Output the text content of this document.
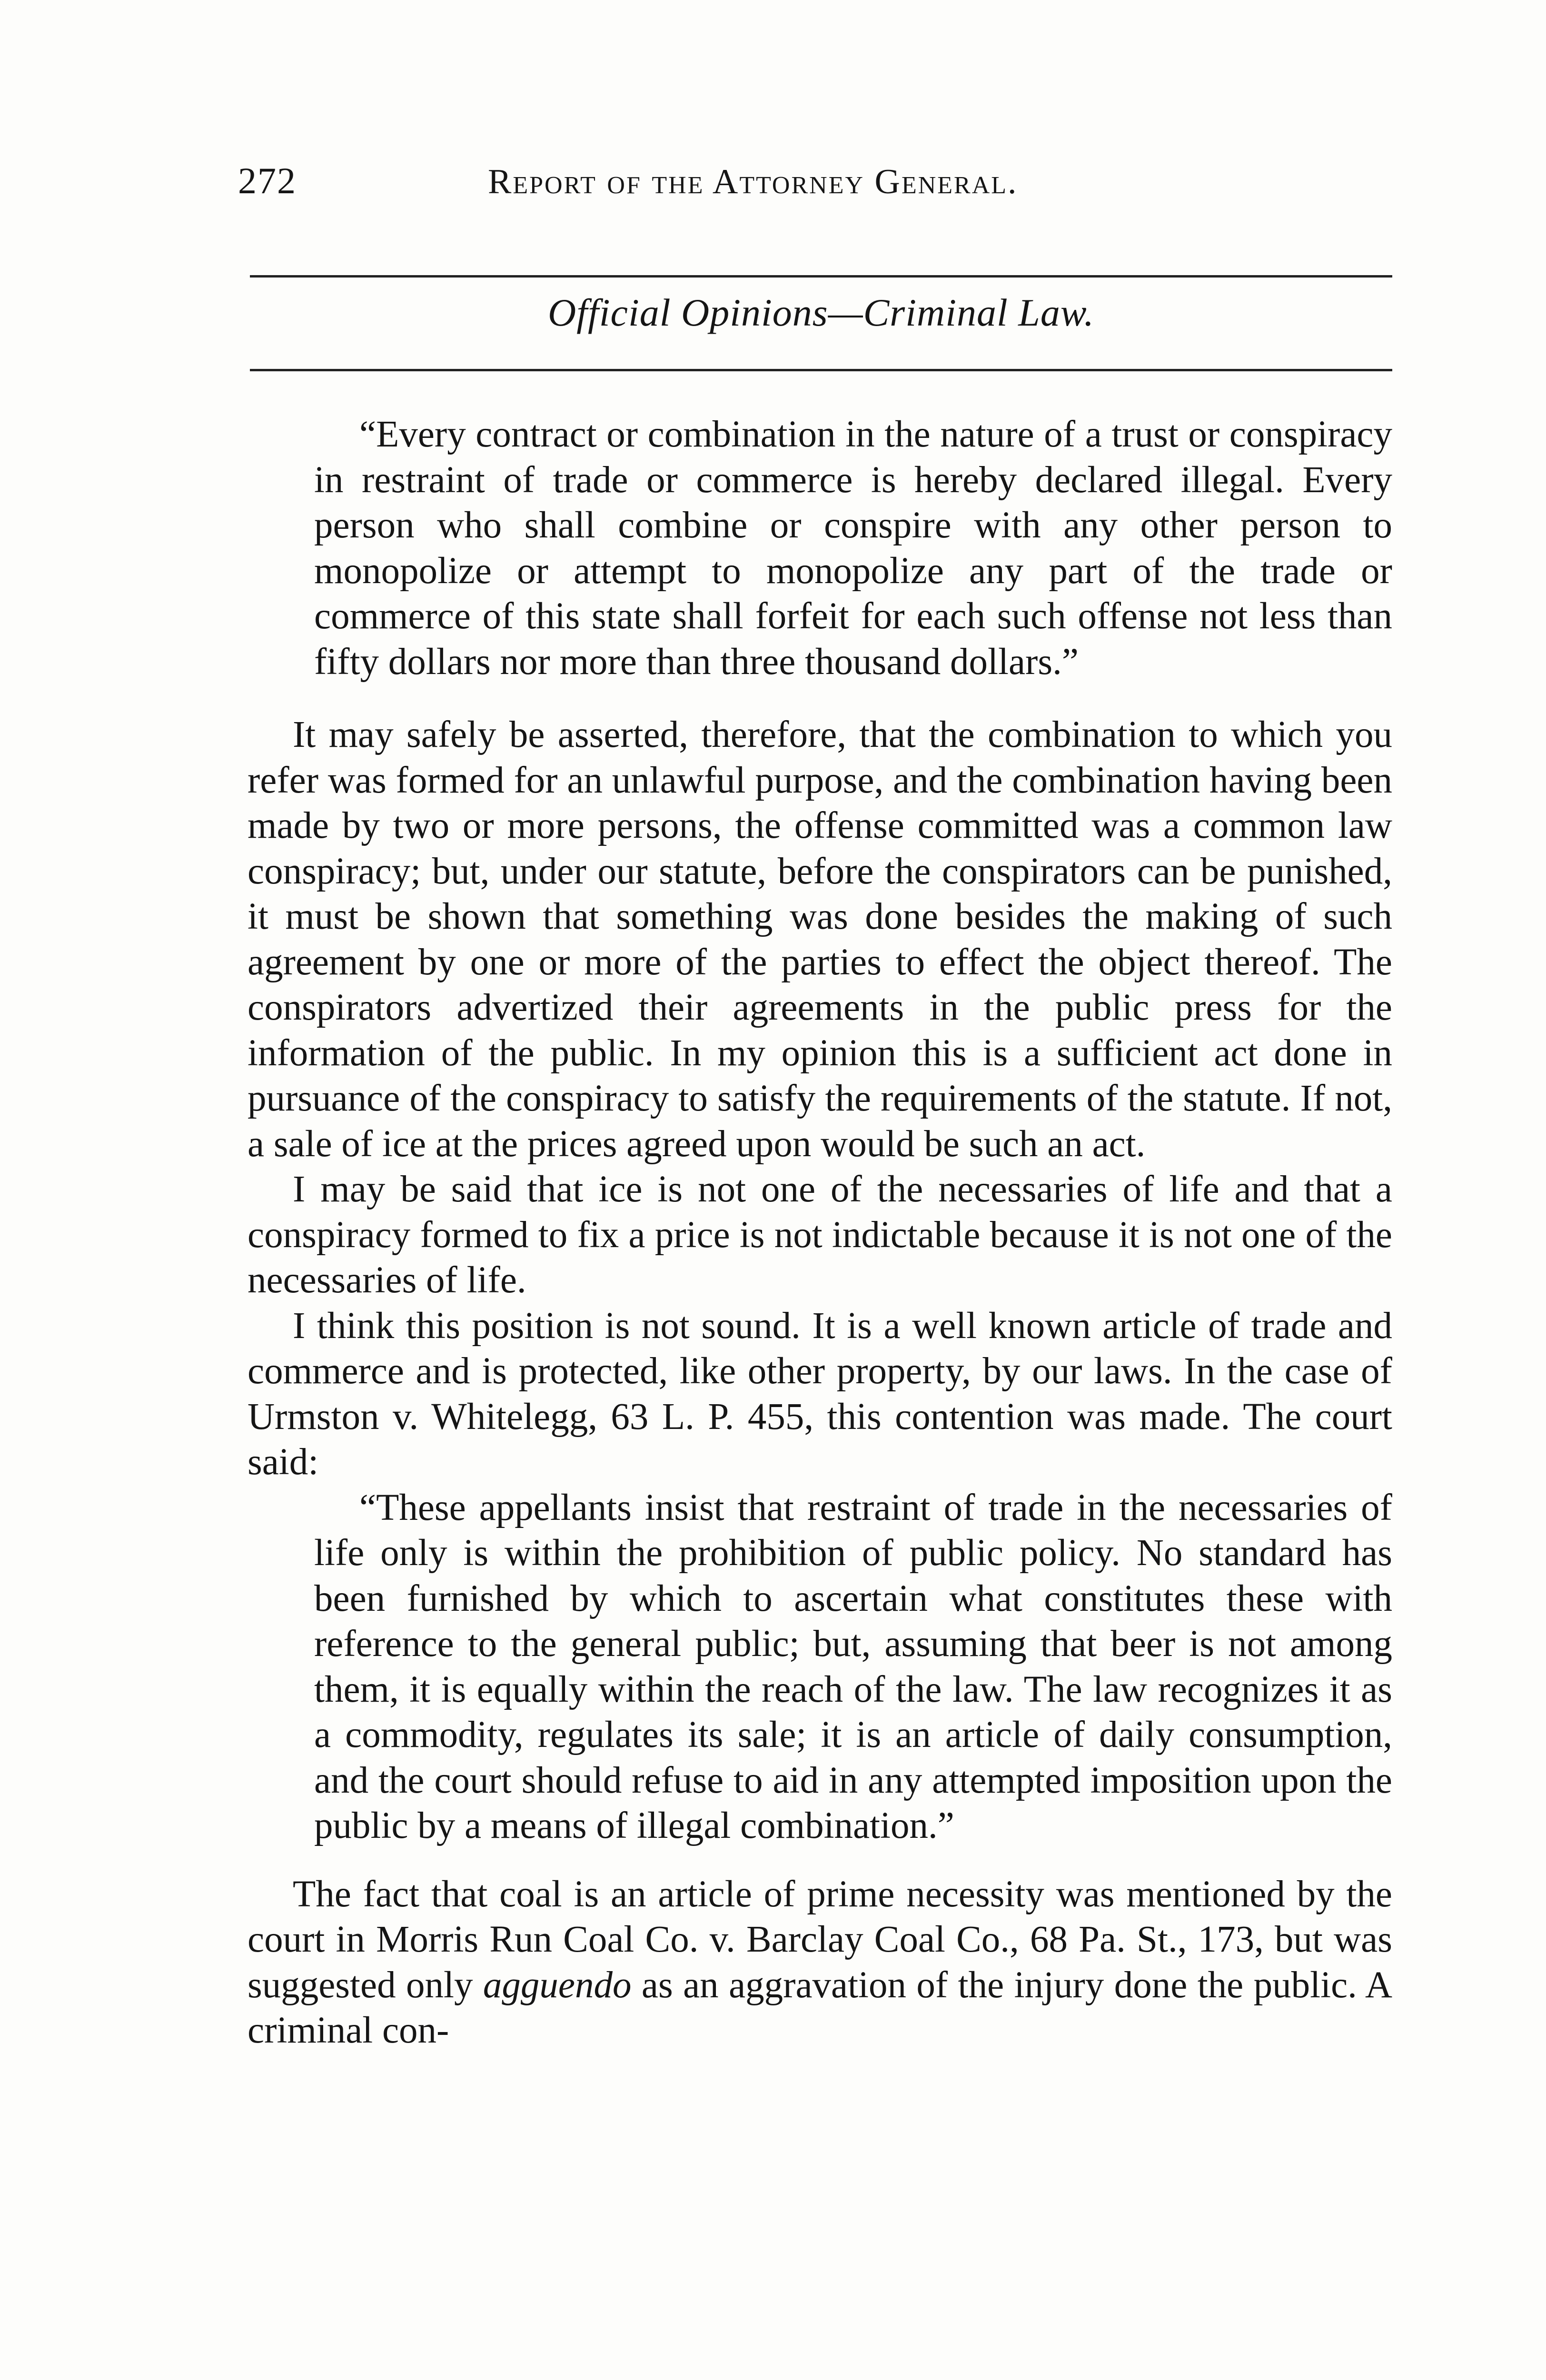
272	Report of the Attorney General.
Official Opinions—Criminal Law.

“Every contract or combination in the nature of a trust or conspiracy in restraint of trade or commerce is hereby declared illegal. Every person who shall combine or conspire with any other person to monopolize or attempt to monopolize any part of the trade or commerce of this state shall forfeit for each such offense not less than fifty dollars nor more than three thousand dollars.”

It may safely be asserted, therefore, that the combination to which you refer was formed for an unlawful purpose, and the combination having been made by two or more persons, the offense committed was a common law conspiracy; but, under our statute, before the conspirators can be punished, it must be shown that something was done besides the making of such agreement by one or more of the parties to effect the object thereof. The conspirators advertized their agreements in the public press for the information of the public. In my opinion this is a sufficient act done in pursuance of the conspiracy to satisfy the requirements of the statute. If not, a sale of ice at the prices agreed upon would be such an act.

I may be said that ice is not one of the necessaries of life and that a conspiracy formed to fix a price is not indictable because it is not one of the necessaries of life.

I think this position is not sound. It is a well known article of trade and commerce and is protected, like other property, by our laws. In the case of Urmston v. Whitelegg, 63 L. P. 455, this contention was made. The court said:

“These appellants insist that restraint of trade in the necessaries of life only is within the prohibition of public policy. No standard has been furnished by which to ascertain what constitutes these with reference to the general public; but, assuming that beer is not among them, it is equally within the reach of the law. The law recognizes it as a commodity, regulates its sale; it is an article of daily consumption, and the court should refuse to aid in any attempted imposition upon the public by a means of illegal combination.”

The fact that coal is an article of prime necessity was mentioned by the court in Morris Run Coal Co. v. Barclay Coal Co., 68 Pa. St., 173, but was suggested only agguendo as an aggravation of the injury done the public. A criminal con-
